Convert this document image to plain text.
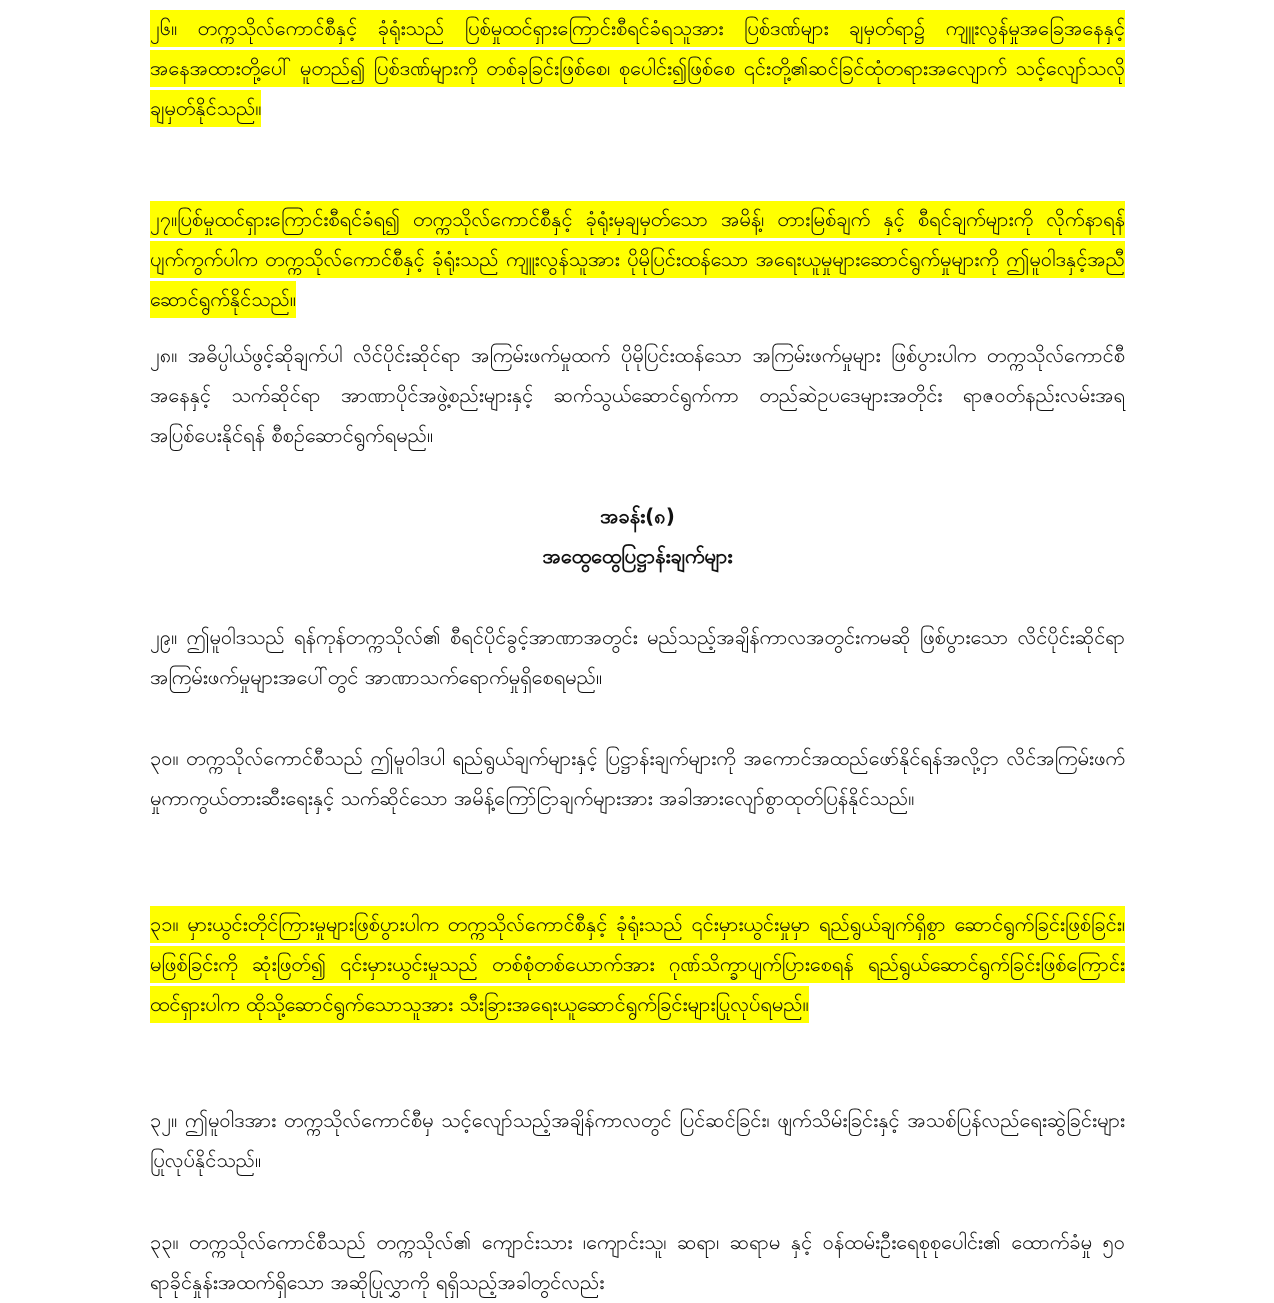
၂၆။ တက္ကသိုလ်ကောင်စီနှင့် ခုံရုံးသည် ပြစ်မှုထင်ရှားကြောင်းစီရင်ခံရသူအား ပြစ်ဒဏ်များ ချမှတ်ရာ၌ ကျူးလွန်မှုအခြေအနေနှင့် အနေအထားတို့ပေါ် မူတည်၍ ပြစ်ဒဏ်များကို တစ်ခုခြင်းဖြစ်စေ၊ စုပေါင်း၍ဖြစ်စေ ၎င်းတို့၏ဆင်ခြင်ထုံတရားအလျောက် သင့်လျော်သလို ချမှတ်နိုင်သည်။

၂၇။ပြစ်မှုထင်ရှားကြောင်းစီရင်ခံရ၍ တက္ကသိုလ်ကောင်စီနှင့် ခုံရုံးမှချမှတ်သော အမိန့်၊ တားမြစ်ချက် နှင့် စီရင်ချက်များကို လိုက်နာရန် ပျက်ကွက်ပါက တက္ကသိုလ်ကောင်စီနှင့် ခုံရုံးသည် ကျူးလွန်သူအား ပိုမိုပြင်းထန်သော အရေးယူမှုများဆောင်ရွက်မှုများကို ဤမူဝါဒနှင့်အညီဆောင်ရွက်နိုင်သည်။

၂၈။ အဓိပ္ပါယ်ဖွင့်ဆိုချက်ပါ လိင်ပိုင်းဆိုင်ရာ အကြမ်းဖက်မှုထက် ပိုမိုပြင်းထန်သော အကြမ်းဖက်မှုများ ဖြစ်ပွားပါက တက္ကသိုလ်ကောင်စီ အနေနှင့် သက်ဆိုင်ရာ အာဏာပိုင်အဖွဲ့စည်းများနှင့် ဆက်သွယ်ဆောင်ရွက်ကာ တည်ဆဲဥပဒေများအတိုင်း ရာဇဝတ်နည်းလမ်းအရ အပြစ်ပေးနိုင်ရန် စီစဥ်ဆောင်ရွက်ရမည်။

အခန်း(၈)
အထွေထွေပြဋ္ဌာန်းချက်များ

၂၉။ ဤမူဝါဒသည် ရန်ကုန်တက္ကသိုလ်၏ စီရင်ပိုင်ခွင့်အာဏာအတွင်း မည်သည့်အချိန်ကာလအတွင်းကမဆို ဖြစ်ပွားသော လိင်ပိုင်းဆိုင်ရာအကြမ်းဖက်မှုများအပေါ်တွင် အာဏာသက်ရောက်မှုရှိစေရမည်။

၃၀။ တက္ကသိုလ်ကောင်စီသည် ဤမူဝါဒပါ ရည်ရွယ်ချက်များနှင့် ပြဋ္ဌာန်းချက်များကို အကောင်အထည်ဖော်နိုင်ရန်အလို့ငှာ လိင်အကြမ်းဖက်မှုကာကွယ်တားဆီးရေးနှင့် သက်ဆိုင်သော အမိန့်ကြော်ငြာချက်များအား အခါအားလျော်စွာထုတ်ပြန်နိုင်သည်။

၃၁။ မှားယွင်းတိုင်ကြားမှုများဖြစ်ပွားပါက တက္ကသိုလ်ကောင်စီနှင့် ခုံရုံးသည် ၎င်းမှားယွင်းမှုမှာ ရည်ရွယ်ချက်ရှိစွာ ဆောင်ရွက်ခြင်းဖြစ်ခြင်း၊ မဖြစ်ခြင်းကို ဆုံးဖြတ်၍ ၎င်းမှားယွင်းမှုသည် တစ်စုံတစ်ယောက်အား ဂုဏ်သိက္ခာပျက်ပြားစေရန် ရည်ရွယ်ဆောင်ရွက်ခြင်းဖြစ်ကြောင်း ထင်ရှားပါက ထိုသို့ဆောင်ရွက်သောသူအား သီးခြားအရေးယူဆောင်ရွက်ခြင်းများပြုလုပ်ရမည်။

၃၂။ ဤမူဝါဒအား တက္ကသိုလ်ကောင်စီမှ သင့်လျော်သည့်အချိန်ကာလတွင် ပြင်ဆင်ခြင်း၊ ဖျက်သိမ်းခြင်းနှင့် အသစ်ပြန်လည်ရေးဆွဲခြင်းများ ပြုလုပ်နိုင်သည်။

၃၃။ တက္ကသိုလ်ကောင်စီသည် တက္ကသိုလ်၏ ကျောင်းသား ၊ကျောင်းသူ၊ ဆရာ၊ ဆရာမ နှင့် ဝန်ထမ်းဦးရေစုစုပေါင်း၏ ထောက်ခံမှု ၅၀ ရာခိုင်နှုန်းအထက်ရှိသော အဆိုပြုလွှာကို ရရှိသည့်အခါတွင်လည်း
